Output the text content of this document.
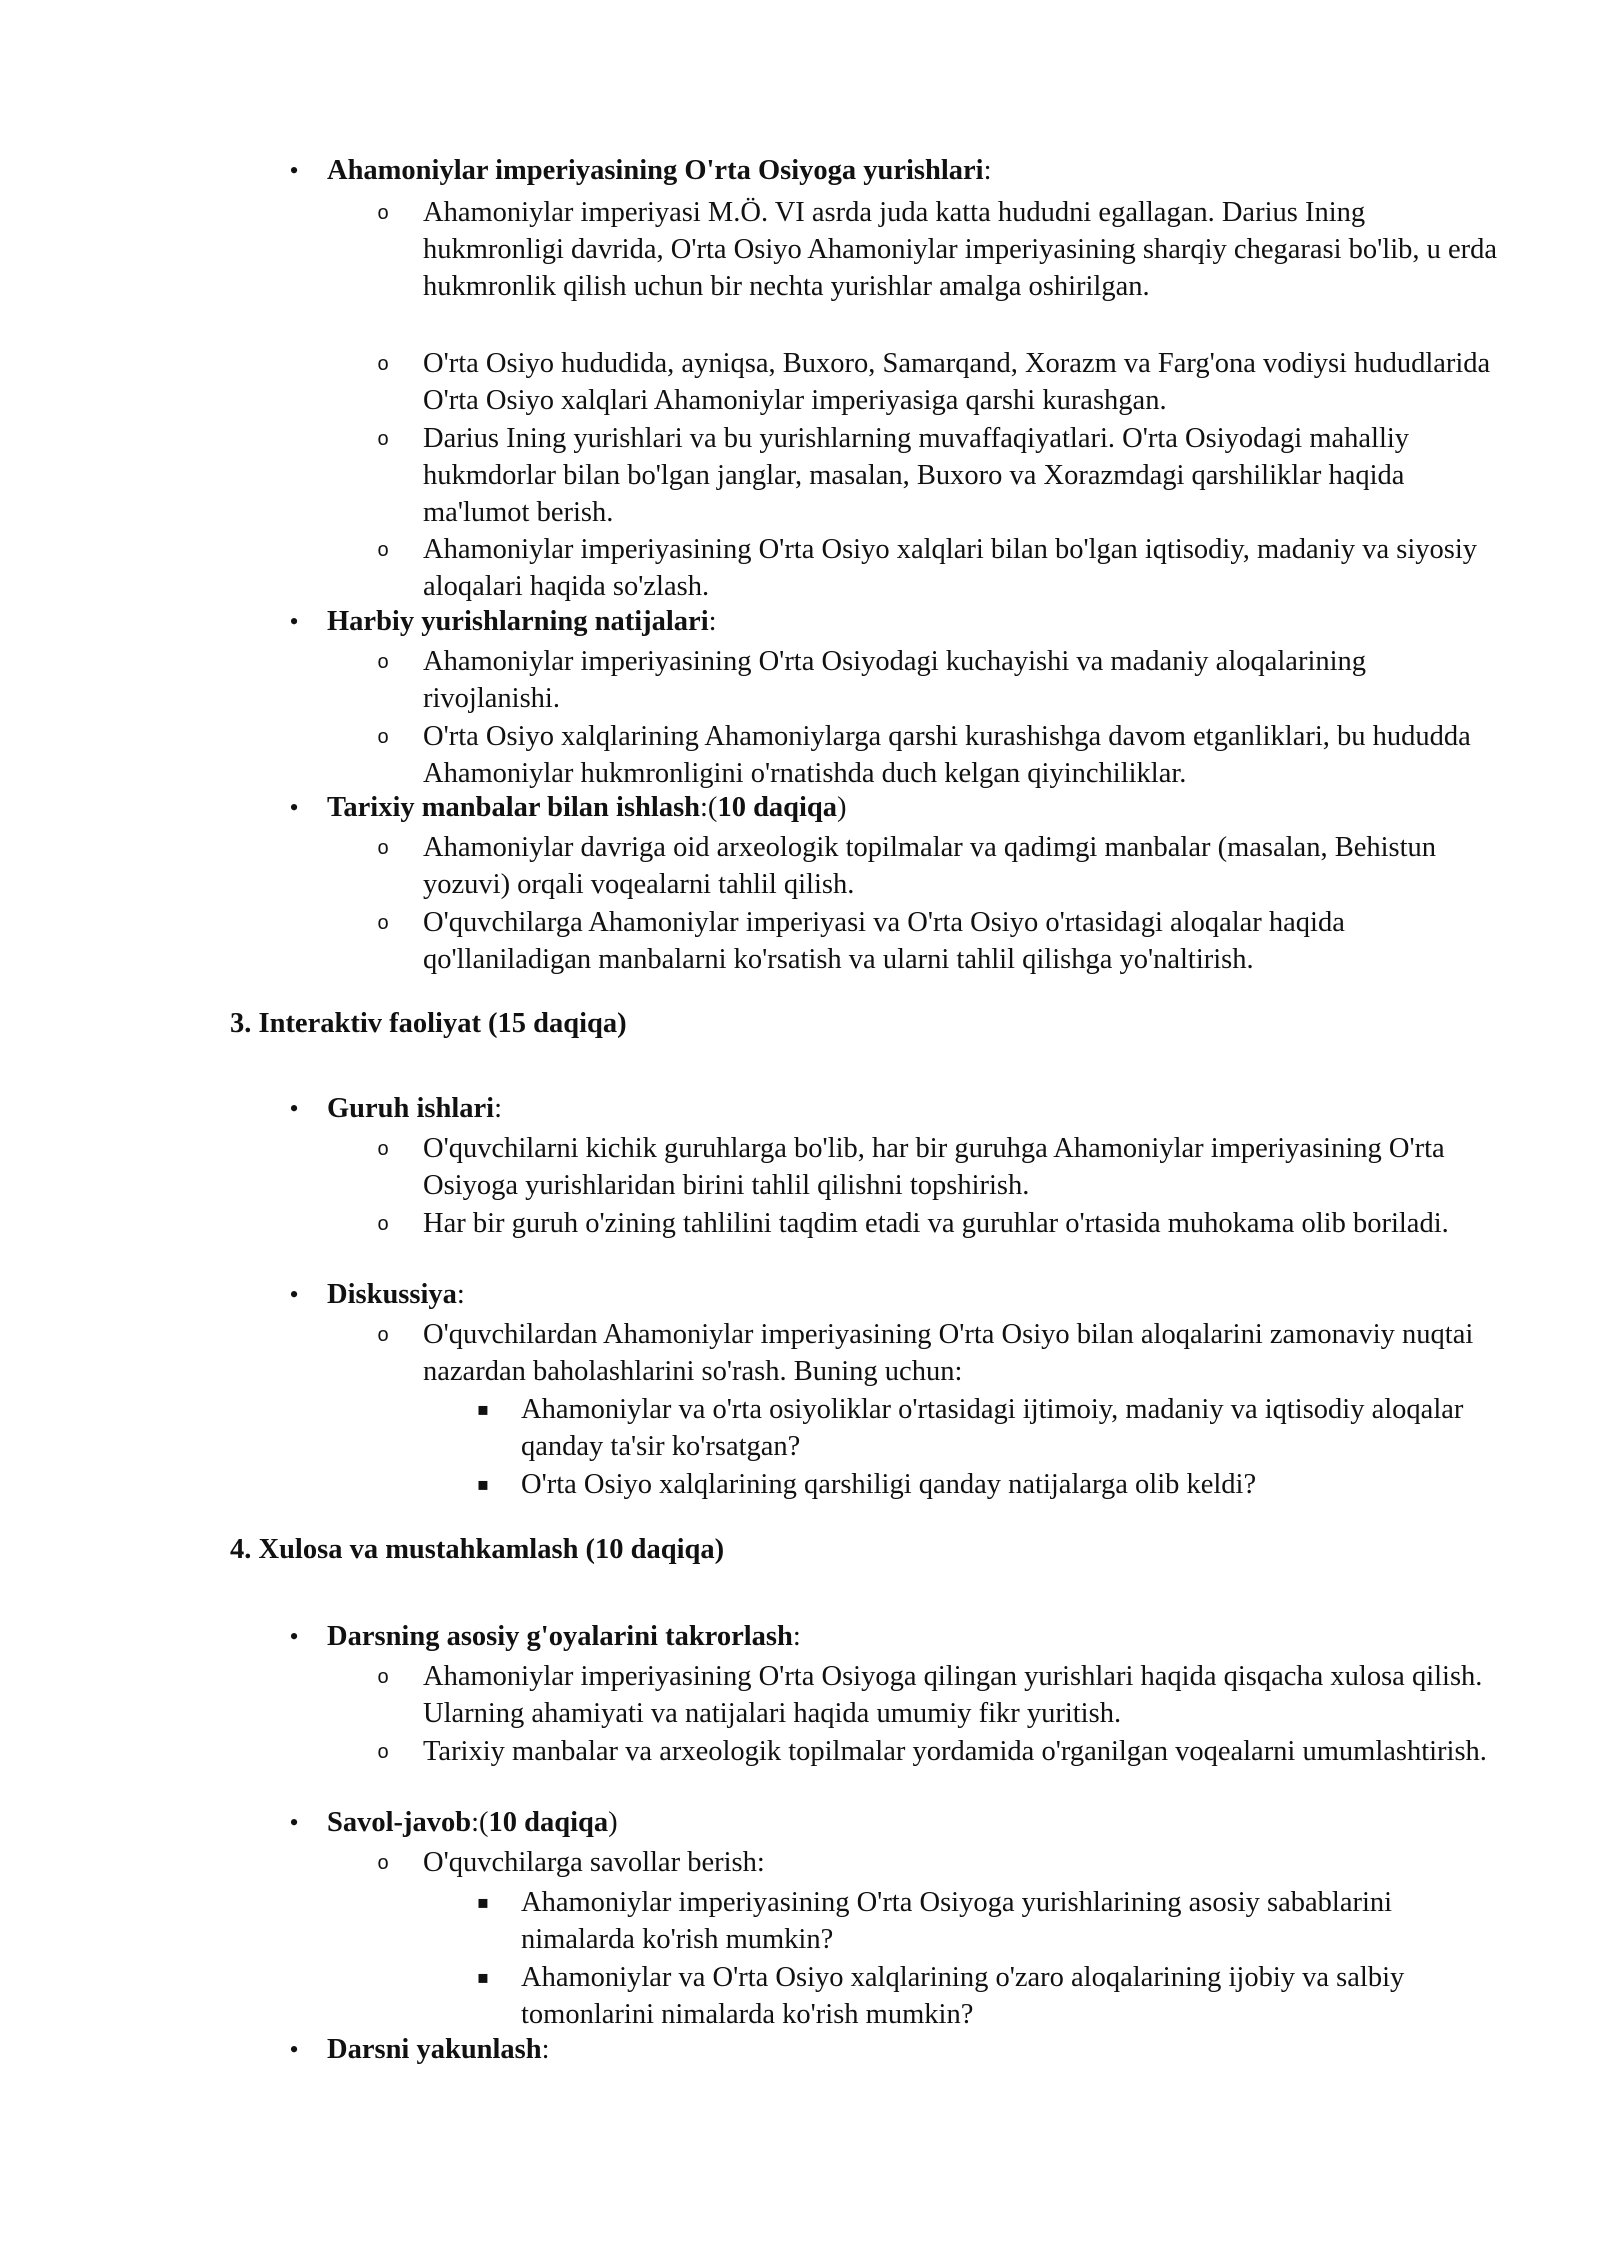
• Ahamoniylar imperiyasining O'rta Osiyoga yurishlari:
o Ahamoniylar imperiyasi M.Ö. VI asrda juda katta hududni egallagan. Darius Ining hukmronligi davrida, O'rta Osiyo Ahamoniylar imperiyasining sharqiy chegarasi bo'lib, u erda hukmronlik qilish uchun bir nechta yurishlar amalga oshirilgan.
o O'rta Osiyo hududida, ayniqsa, Buxoro, Samarqand, Xorazm va Farg'ona vodiysi hududlarida O'rta Osiyo xalqlari Ahamoniylar imperiyasiga qarshi kurashgan.
o Darius Ining yurishlari va bu yurishlarning muvaffaqiyatlari. O'rta Osiyodagi mahalliy hukmdorlar bilan bo'lgan janglar, masalan, Buxoro va Xorazmdagi qarshiliklar haqida ma'lumot berish.
o Ahamoniylar imperiyasining O'rta Osiyo xalqlari bilan bo'lgan iqtisodiy, madaniy va siyosiy aloqalari haqida so'zlash.
• Harbiy yurishlarning natijalari:
o Ahamoniylar imperiyasining O'rta Osiyodagi kuchayishi va madaniy aloqalarining rivojlanishi.
o O'rta Osiyo xalqlarining Ahamoniylarga qarshi kurashishga davom etganliklari, bu hududda Ahamoniylar hukmronligini o'rnatishda duch kelgan qiyinchiliklar.
• Tarixiy manbalar bilan ishlash:(10 daqiqa)
o Ahamoniylar davriga oid arxeologik topilmalar va qadimgi manbalar (masalan, Behistun yozuvi) orqali voqealarni tahlil qilish.
o O'quvchilarga Ahamoniylar imperiyasi va O'rta Osiyo o'rtasidagi aloqalar haqida qo'llaniladigan manbalarni ko'rsatish va ularni tahlil qilishga yo'naltirish.
3. Interaktiv faoliyat (15 daqiqa)
• Guruh ishlari:
o O'quvchilarni kichik guruhlarga bo'lib, har bir guruhga Ahamoniylar imperiyasining O'rta Osiyoga yurishlaridan birini tahlil qilishni topshirish.
o Har bir guruh o'zining tahlilini taqdim etadi va guruhlar o'rtasida muhokama olib boriladi.
• Diskussiya:
o O'quvchilardan Ahamoniylar imperiyasining O'rta Osiyo bilan aloqalarini zamonaviy nuqtai nazardan baholashlarini so'rash. Buning uchun:
▪ Ahamoniylar va o'rta osiyoliklar o'rtasidagi ijtimoiy, madaniy va iqtisodiy aloqalar qanday ta'sir ko'rsatgan?
▪ O'rta Osiyo xalqlarining qarshiligi qanday natijalarga olib keldi?
4. Xulosa va mustahkamlash (10 daqiqa)
• Darsning asosiy g'oyalarini takrorlash:
o Ahamoniylar imperiyasining O'rta Osiyoga qilingan yurishlari haqida qisqacha xulosa qilish. Ularning ahamiyati va natijalari haqida umumiy fikr yuritish.
o Tarixiy manbalar va arxeologik topilmalar yordamida o'rganilgan voqealarni umumlashtirish.
• Savol-javob:(10 daqiqa)
o O'quvchilarga savollar berish:
▪ Ahamoniylar imperiyasining O'rta Osiyoga yurishlarining asosiy sabablarini nimalarda ko'rish mumkin?
▪ Ahamoniylar va O'rta Osiyo xalqlarining o'zaro aloqalarining ijobiy va salbiy tomonlarini nimalarda ko'rish mumkin?
• Darsni yakunlash:
